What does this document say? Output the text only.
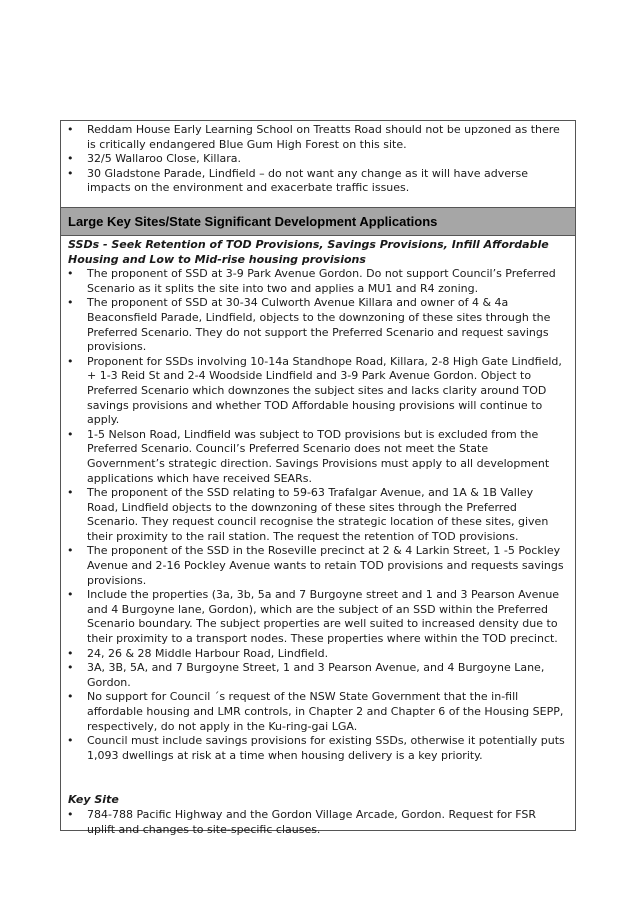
• Reddam House Early Learning School on Treatts Road should not be upzoned as there is critically endangered Blue Gum High Forest on this site.
• 32/5 Wallaroo Close, Killara.
• 30 Gladstone Parade, Lindfield – do not want any change as it will have adverse impacts on the environment and exacerbate traffic issues.
Large Key Sites/State Significant Development Applications
SSDs - Seek Retention of TOD Provisions, Savings Provisions, Infill Affordable Housing and Low to Mid-rise housing provisions
• The proponent of SSD at 3-9 Park Avenue Gordon. Do not support Council’s Preferred Scenario as it splits the site into two and applies a MU1 and R4 zoning.
• The proponent of SSD at 30-34 Culworth Avenue Killara and owner of 4 & 4a Beaconsfield Parade, Lindfield, objects to the downzoning of these sites through the Preferred Scenario. They do not support the Preferred Scenario and request savings provisions.
• Proponent for SSDs involving 10-14a Standhope Road, Killara, 2-8 High Gate Lindfield, + 1-3 Reid St and 2-4 Woodside Lindfield and 3-9 Park Avenue Gordon. Object to Preferred Scenario which downzones the subject sites and lacks clarity around TOD savings provisions and whether TOD Affordable housing provisions will continue to apply.
• 1-5 Nelson Road, Lindfield was subject to TOD provisions but is excluded from the Preferred Scenario. Council’s Preferred Scenario does not meet the State Government’s strategic direction. Savings Provisions must apply to all development applications which have received SEARs.
• The proponent of the SSD relating to 59-63 Trafalgar Avenue, and 1A & 1B Valley Road, Lindfield objects to the downzoning of these sites through the Preferred Scenario. They request council recognise the strategic location of these sites, given their proximity to the rail station. The request the retention of TOD provisions.
• The proponent of the SSD in the Roseville precinct at 2 & 4 Larkin Street, 1 -5 Pockley Avenue and 2-16 Pockley Avenue wants to retain TOD provisions and requests savings provisions.
• Include the properties (3a, 3b, 5a and 7 Burgoyne street and 1 and 3 Pearson Avenue and 4 Burgoyne lane, Gordon), which are the subject of an SSD within the Preferred Scenario boundary. The subject properties are well suited to increased density due to their proximity to a transport nodes. These properties where within the TOD precinct.
• 24, 26 & 28 Middle Harbour Road, Lindfield.
• 3A, 3B, 5A, and 7 Burgoyne Street, 1 and 3 Pearson Avenue, and 4 Burgoyne Lane, Gordon.
• No support for Council ´s request of the NSW State Government that the in-fill affordable housing and LMR controls, in Chapter 2 and Chapter 6 of the Housing SEPP, respectively, do not apply in the Ku-ring-gai LGA.
• Council must include savings provisions for existing SSDs, otherwise it potentially puts 1,093 dwellings at risk at a time when housing delivery is a key priority.
Key Site
• 784-788 Pacific Highway and the Gordon Village Arcade, Gordon. Request for FSR uplift and changes to site-specific clauses.
